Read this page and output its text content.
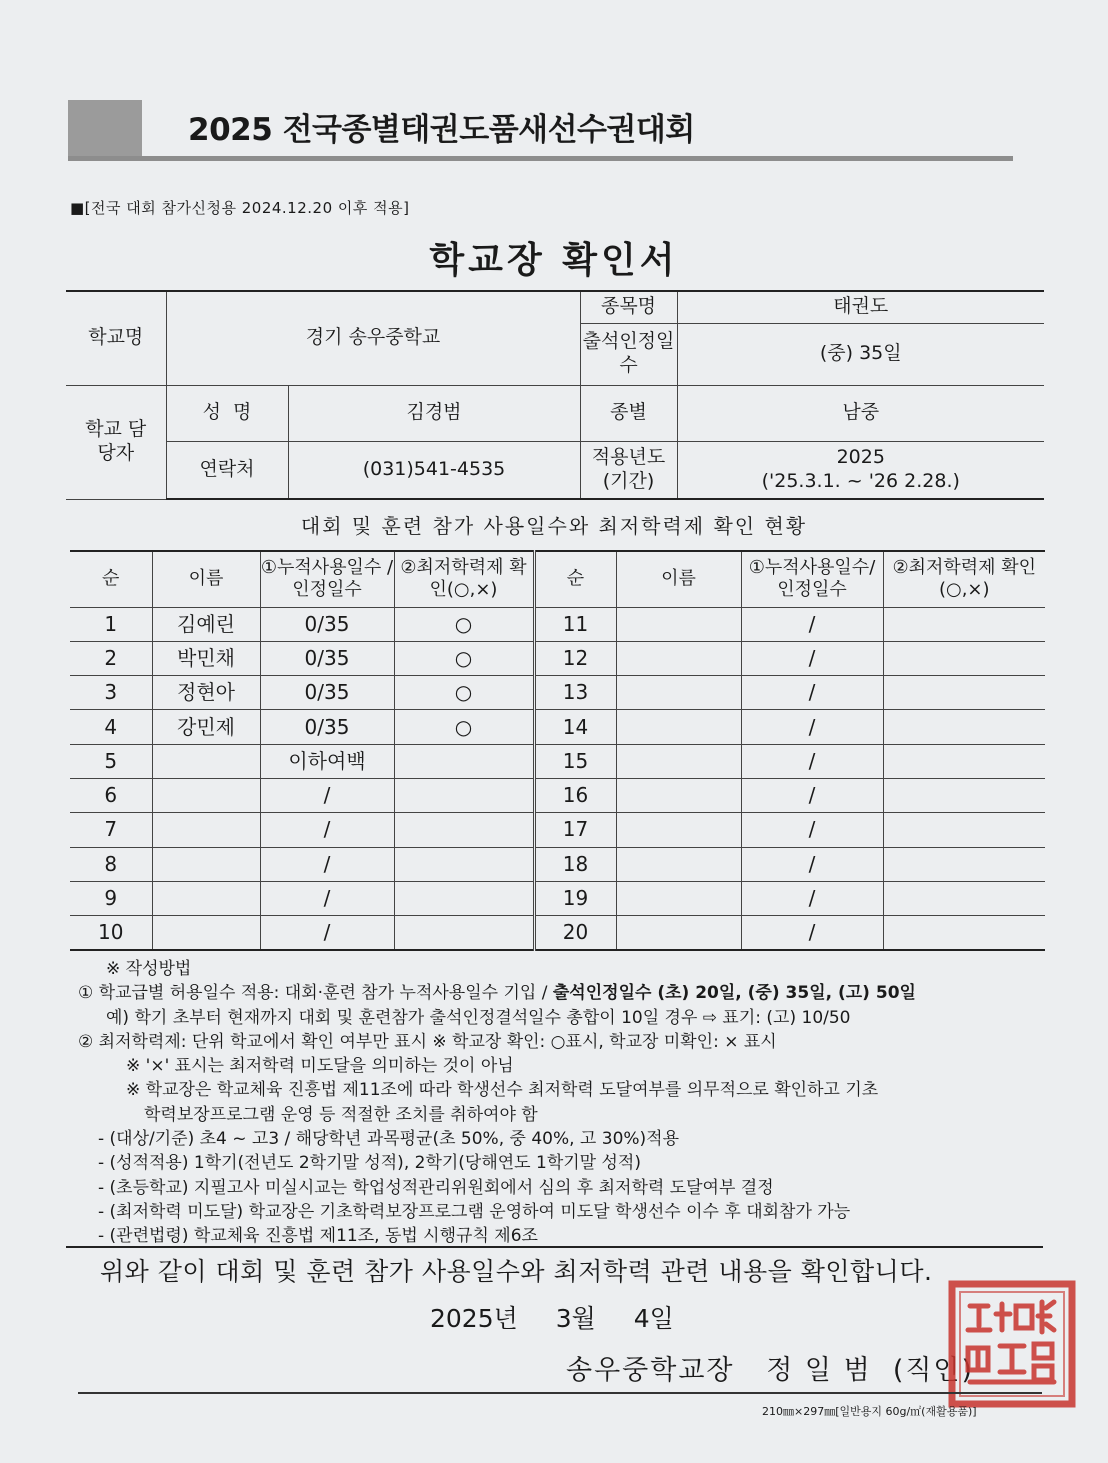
2025 전국종별태권도품새선수권대회
■[전국 대회 참가신청용 2024.12.20 이후 적용]
학교장 확인서
학교명	경기 송우중학교		종목명	태권도
			출석인정일수	(중) 35일
학교 담당자	성  명	김경범	종별	남중
	연락처	(031)541-4535	적용년도 (기간)	2025
('25.3.1. ~ '26 2.28.)
대회 및 훈련 참가 사용일수와 최저학력제 확인 현황
순	이름	①누적사용일수 /인정일수	②최저학력제 확인(○,×)	순	이름	①누적사용일수/ 인정일수	②최저학력제 확인(○,×)
1	김예린	0/35	○	11		/	
2	박민채	0/35	○	12		/	
3	정현아	0/35	○	13		/	
4	강민제	0/35	○	14		/	
5		이하여백		15		/	
6		/		16		/	
7		/		17		/	
8		/		18		/	
9		/		19		/	
10		/		20		/	
※ 작성방법
① 학교급별 허용일수 적용: 대회·훈련 참가 누적사용일수 기입 / 출석인정일수 (초) 20일, (중) 35일, (고) 50일
예) 학기 초부터 현재까지 대회 및 훈련참가 출석인정결석일수 총합이 10일 경우 ⇨ 표기: (고) 10/50
② 최저학력제: 단위 학교에서 확인 여부만 표시 ※ 학교장 확인: ○표시, 학교장 미확인: × 표시
※ '×' 표시는 최저학력 미도달을 의미하는 것이 아님
※ 학교장은 학교체육 진흥법 제11조에 따라 학생선수 최저학력 도달여부를 의무적으로 확인하고 기초
학력보장프로그램 운영 등 적절한 조치를 취하여야 함
- (대상/기준) 초4 ~ 고3 / 해당학년 과목평균(초 50%, 중 40%, 고 30%)적용
- (성적적용) 1학기(전년도 2학기말 성적), 2학기(당해연도 1학기말 성적)
- (초등학교) 지필고사 미실시교는 학업성적관리위원회에서 심의 후 최저학력 도달여부 결정
- (최저학력 미도달) 학교장은 기초학력보장프로그램 운영하여 미도달 학생선수 이수 후 대회참가 가능
- (관련법령) 학교체육 진흥법 제11조, 동법 시행규칙 제6조
위와 같이 대회 및 훈련 참가 사용일수와 최저학력 관련 내용을 확인합니다.
2025년 3월 4일
송우중학교장   정 일 범  (직인)
210㎜×297㎜[일반용지 60g/㎡(재활용품)]
